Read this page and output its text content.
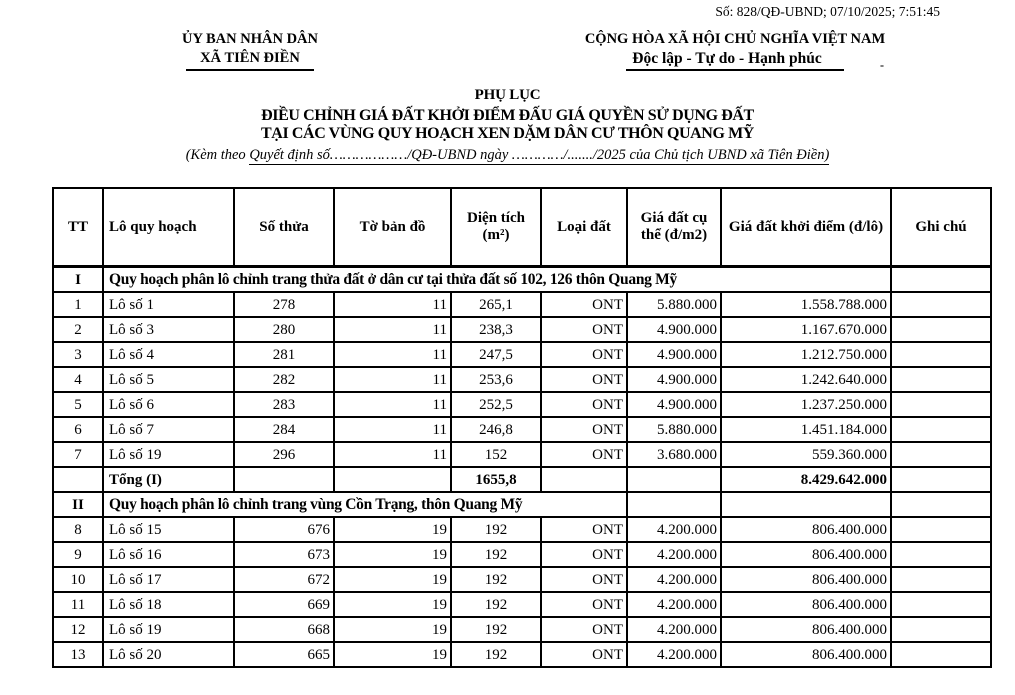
Số: 828/QĐ-UBND; 07/10/2025; 7:51:45
ỦY BAN NHÂN DÂN
XÃ TIÊN ĐIỀN
CỘNG HÒA XÃ HỘI CHỦ NGHĨA VIỆT NAM
Độc lập - Tự do - Hạnh phúc	-
PHỤ LỤC
ĐIỀU CHỈNH GIÁ ĐẤT KHỞI ĐIỂM ĐẤU GIÁ QUYỀN SỬ DỤNG ĐẤT
TẠI CÁC VÙNG QUY HOẠCH XEN DẶM DÂN CƯ THÔN QUANG MỸ
(Kèm theo Quyết định số………………/QĐ-UBND ngày …………/......./2025 của Chủ tịch UBND xã Tiên Điền)
TT	Lô quy hoạch	Số thửa	Tờ bản đồ	Diện tích (m²)	Loại đất	Giá đất cụ thể (đ/m2)	Giá đất khởi điểm (đ/lô)	Ghi chú
I	Quy hoạch phân lô chỉnh trang thửa đất ở dân cư tại thửa đất số 102, 126 thôn Quang Mỹ							
1	Lô số 1	278	11	265,1	ONT	5.880.000	1.558.788.000	
2	Lô số 3	280	11	238,3	ONT	4.900.000	1.167.670.000	
3	Lô số 4	281	11	247,5	ONT	4.900.000	1.212.750.000	
4	Lô số 5	282	11	253,6	ONT	4.900.000	1.242.640.000	
5	Lô số 6	283	11	252,5	ONT	4.900.000	1.237.250.000	
6	Lô số 7	284	11	246,8	ONT	5.880.000	1.451.184.000	
7	Lô số 19	296	11	152	ONT	3.680.000	559.360.000	
	Tổng (I)			1655,8			8.429.642.000	
II	Quy hoạch phân lô chỉnh trang vùng Cồn Trạng, thôn Quang Mỹ							
8	Lô số 15	676	19	192	ONT	4.200.000	806.400.000	
9	Lô số 16	673	19	192	ONT	4.200.000	806.400.000	
10	Lô số 17	672	19	192	ONT	4.200.000	806.400.000	
11	Lô số 18	669	19	192	ONT	4.200.000	806.400.000	
12	Lô số 19	668	19	192	ONT	4.200.000	806.400.000	
13	Lô số 20	665	19	192	ONT	4.200.000	806.400.000	
